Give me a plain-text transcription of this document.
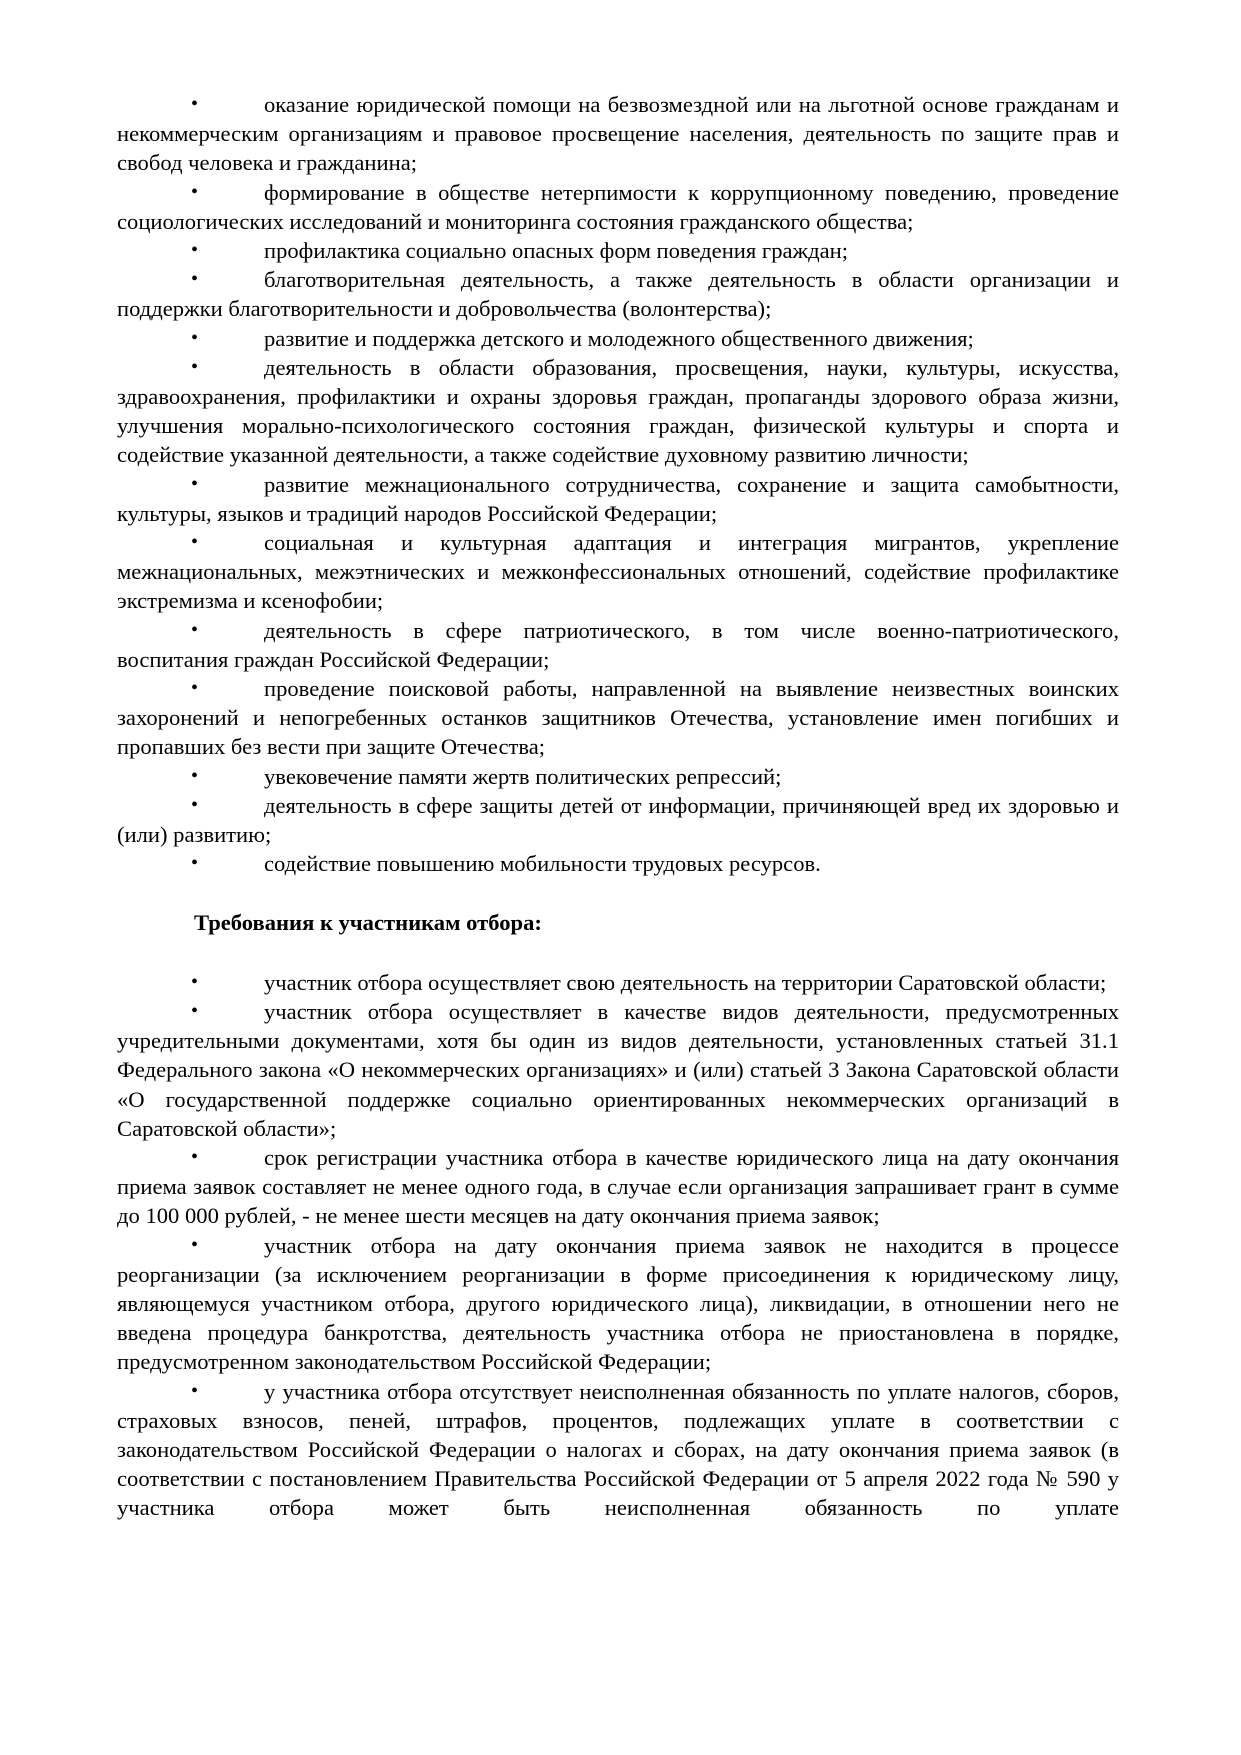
•	оказание юридической помощи на безвозмездной или на льготной основе гражданам и некоммерческим организациям и правовое просвещение населения, деятельность по защите прав и свобод человека и гражданина;

•	формирование в обществе нетерпимости к коррупционному поведению, проведение социологических исследований и мониторинга состояния гражданского общества;

•	профилактика социально опасных форм поведения граждан;

•	благотворительная деятельность, а также деятельность в области организации и поддержки благотворительности и добровольчества (волонтерства);

•	развитие и поддержка детского и молодежного общественного движения;

•	деятельность в области образования, просвещения, науки, культуры, искусства, здравоохранения, профилактики и охраны здоровья граждан, пропаганды здорового образа жизни, улучшения морально-психологического состояния граждан, физической культуры и спорта и содействие указанной деятельности, а также содействие духовному развитию личности;

•	развитие межнационального сотрудничества, сохранение и защита самобытности, культуры, языков и традиций народов Российской Федерации;

•	социальная и культурная адаптация и интеграция мигрантов, укрепление межнациональных, межэтнических и межконфессиональных отношений, содействие профилактике экстремизма и ксенофобии;

•	деятельность в сфере патриотического, в том числе военно-патриотического, воспитания граждан Российской Федерации;

•	проведение поисковой работы, направленной на выявление неизвестных воинских захоронений и непогребенных останков защитников Отечества, установление имен погибших и пропавших без вести при защите Отечества;

•	увековечение памяти жертв политических репрессий;

•	деятельность в сфере защиты детей от информации, причиняющей вред их здоровью и (или) развитию;

•	содействие повышению мобильности трудовых ресурсов.

Требования к участникам отбора:

•	участник отбора осуществляет свою деятельность на территории Саратовской области;

•	участник отбора осуществляет в качестве видов деятельности, предусмотренных учредительными документами, хотя бы один из видов деятельности, установленных статьей 31.1 Федерального закона «О некоммерческих организациях» и (или) статьей 3 Закона Саратовской области «О государственной поддержке социально ориентированных некоммерческих организаций в Саратовской области»;

•	срок регистрации участника отбора в качестве юридического лица на дату окончания приема заявок составляет не менее одного года, в случае если организация запрашивает грант в сумме до 100 000 рублей, - не менее шести месяцев на дату окончания приема заявок;

•	участник отбора на дату окончания приема заявок не находится в процессе реорганизации (за исключением реорганизации в форме присоединения к юридическому лицу, являющемуся участником отбора, другого юридического лица), ликвидации, в отношении него не введена процедура банкротства, деятельность участника отбора не приостановлена в порядке, предусмотренном законодательством Российской Федерации;

•	у участника отбора отсутствует неисполненная обязанность по уплате налогов, сборов, страховых взносов, пеней, штрафов, процентов, подлежащих уплате в соответствии с законодательством Российской Федерации о налогах и сборах, на дату окончания приема заявок (в соответствии с постановлением Правительства Российской Федерации от 5 апреля 2022 года № 590 у участника отбора может быть неисполненная обязанность по уплате
